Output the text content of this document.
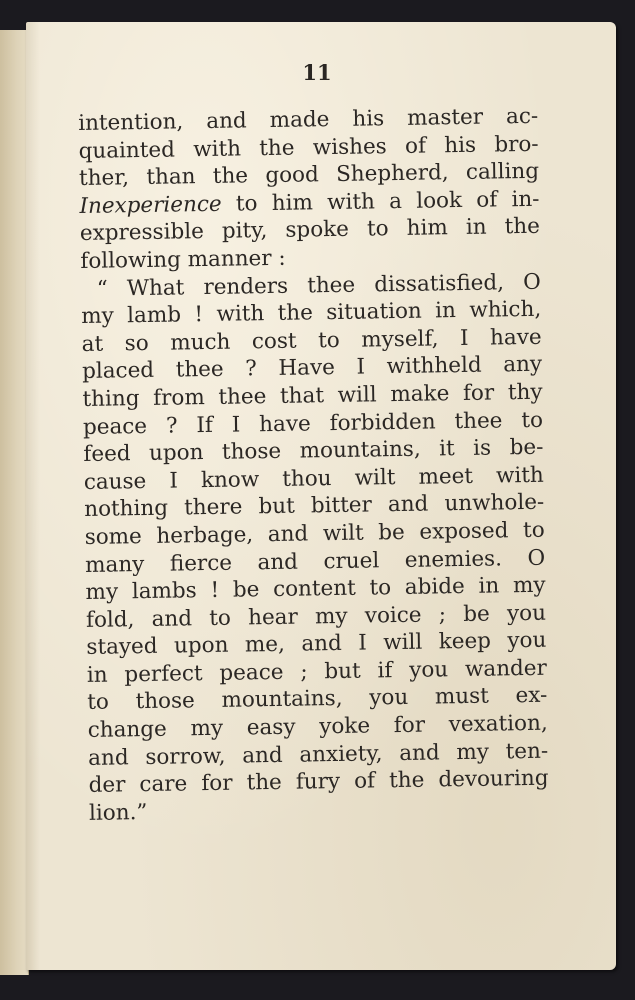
11
intention, and made his master ac-
quainted with the wishes of his bro-
ther, than the good Shepherd, calling
Inexperience to him with a look of in-
expressible pity, spoke to him in the
following manner :
“ What renders thee dissatisfied, O
my lamb ! with the situation in which,
at so much cost to myself, I have
placed thee ? Have I withheld any
thing from thee that will make for thy
peace ? If I have forbidden thee to
feed upon those mountains, it is be-
cause I know thou wilt meet with
nothing there but bitter and unwhole-
some herbage, and wilt be exposed to
many fierce and cruel enemies. O
my lambs ! be content to abide in my
fold, and to hear my voice ; be you
stayed upon me, and I will keep you
in perfect peace ; but if you wander
to those mountains, you must ex-
change my easy yoke for vexation,
and sorrow, and anxiety, and my ten-
der care for the fury of the devouring
lion.”
